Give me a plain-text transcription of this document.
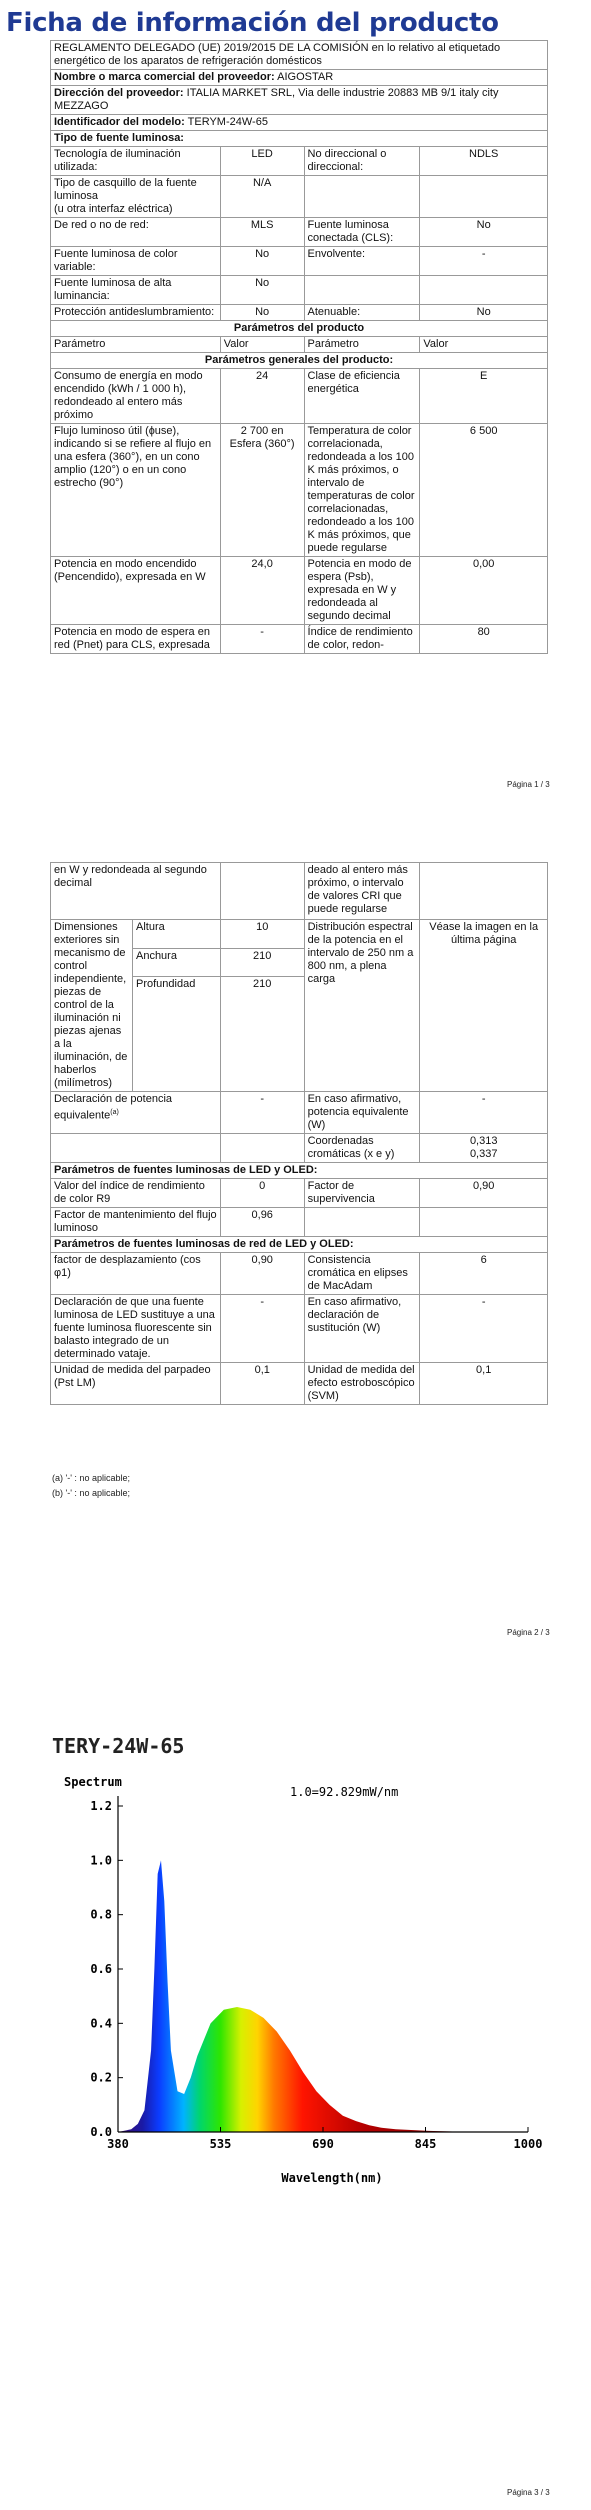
Ficha de información del producto
REGLAMENTO DELEGADO (UE) 2019/2015 DE LA COMISIÓN en lo relativo al etiquetado energético de los aparatos de refrigeración domésticos			
Nombre o marca comercial del proveedor: AIGOSTAR			
Dirección del proveedor: ITALIA MARKET SRL, Via delle industrie 20883 MB 9/1 italy city MEZZAGO			
Identificador del modelo: TERYM-24W-65			
Tipo de fuente luminosa:			
Tecnología de iluminación utilizada:	LED	No direccional o direccional:	NDLS
Tipo de casquillo de la fuente luminosa
(u otra interfaz eléctrica)	N/A		
De red o no de red:	MLS	Fuente luminosa conectada (CLS):	No
Fuente luminosa de color variable:	No	Envolvente:	-
Fuente luminosa de alta luminancia:	No		
Protección antideslumbramiento:	No	Atenuable:	No
Parámetros del producto			
Parámetro	Valor	Parámetro	Valor
Parámetros generales del producto:			
Consumo de energía en modo encendido (kWh / 1 000 h), redondeado al entero más próximo	24	Clase de eficiencia energética	E
Flujo luminoso útil (ɸuse), indicando si se refiere al flujo en una esfera (360°), en un cono amplio (120°) o en un cono estrecho (90°)	2 700 en Esfera (360°)	Temperatura de color correlacionada, redondeada a los 100 K más próximos, o intervalo de temperaturas de color correlacionadas, redondeado a los 100 K más próximos, que puede regularse	6 500
Potencia en modo encendido (Pencendido), expresada en W	24,0	Potencia en modo de espera (Psb), expresada en W y redondeada al segundo decimal	0,00
Potencia en modo de espera en red (Pnet) para CLS, expresada	-	Índice de rendimiento de color, redon-	80
Página 1 / 3
en W y redondeada al segundo decimal			deado al entero más próximo, o intervalo de valores CRI que puede regularse	
Dimensiones exteriores sin mecanismo de control independiente, piezas de control de la iluminación ni piezas ajenas a la iluminación, de haberlos (milímetros)	Altura	10	Distribución espectral de la potencia en el intervalo de 250 nm a 800 nm, a plena carga	Véase la imagen en la última página
	Anchura	210		
	Profundidad	210		
Declaración de potencia equivalente$^{(a)}$		-	En caso afirmativo, potencia equivalente (W)	-
			Coordenadas cromáticas (x e y)	0,313
0,337
Parámetros de fuentes luminosas de LED y OLED:				
Valor del índice de rendimiento de color R9		0	Factor de supervivencia	0,90
Factor de mantenimiento del flujo luminoso		0,96		
Parámetros de fuentes luminosas de red de LED y OLED:				
factor de desplazamiento (cos φ1)		0,90	Consistencia cromática en elipses de MacAdam	6
Declaración de que una fuente luminosa de LED sustituye a una fuente luminosa fluorescente sin balasto integrado de un determinado vataje.		-	En caso afirmativo, declaración de sustitución (W)	-
Unidad de medida del parpadeo (Pst LM)		0,1	Unidad de medida del efecto estroboscópico (SVM)	0,1
(a) '-' : no aplicable;
(b) '-' : no aplicable;
Página 2 / 3
TERY-24W-65
Spectrum
1.0=92.829mW/nm
0.0
0.2
0.4
0.6
0.8
1.0
1.2
380	535	690	845	1000
Wavelength(nm)
Página 3 / 3
